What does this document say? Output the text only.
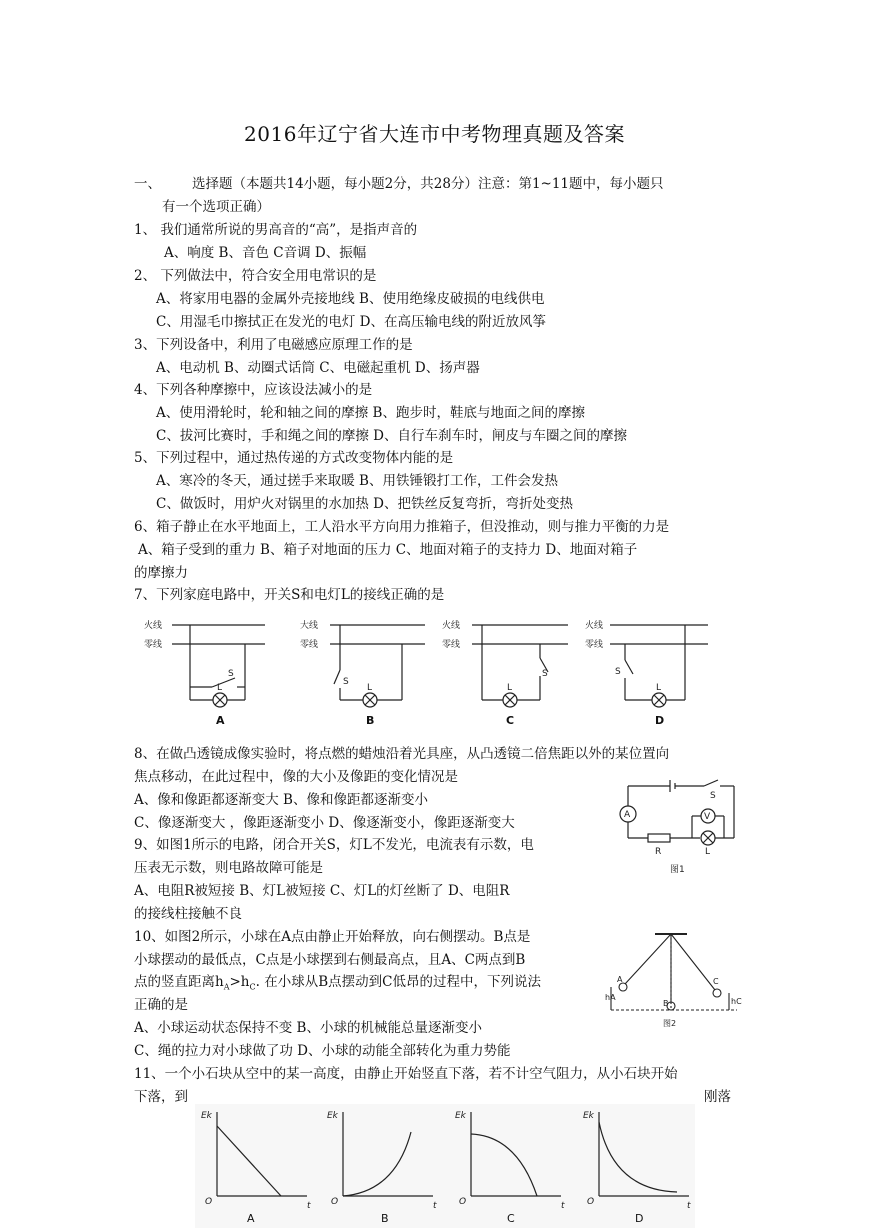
2016年辽宁省大连市中考物理真题及答案
一、 选择题（本题共14小题，每小题2分，共28分）注意：第1~11题中，每小题只
有一个选项正确）
1、 我们通常所说的男高音的“高”，是指声音的
A、响度 B、音色 C音调 D、振幅
2、 下列做法中，符合安全用电常识的是
A、将家用电器的金属外壳接地线 B、使用绝缘皮破损的电线供电
C、用湿毛巾擦拭正在发光的电灯 D、在高压输电线的附近放风筝
3、下列设备中，利用了电磁感应原理工作的是
A、电动机 B、动圈式话筒 C、电磁起重机 D、扬声器
4、下列各种摩擦中，应该设法减小的是
A、使用滑轮时，轮和轴之间的摩擦 B、跑步时，鞋底与地面之间的摩擦
C、拔河比赛时，手和绳之间的摩擦 D、自行车刹车时，闸皮与车圈之间的摩擦
5、下列过程中，通过热传递的方式改变物体内能的是
A、寒冷的冬天，通过搓手来取暖 B、用铁锤锻打工作，工件会发热
C、做饭时，用炉火对锅里的水加热 D、把铁丝反复弯折，弯折处变热
6、箱子静止在水平地面上，工人沿水平方向用力推箱子，但没推动，则与推力平衡的力是
A、箱子受到的重力 B、箱子对地面的压力 C、地面对箱子的支持力 D、地面对箱子
的摩擦力
7、下列家庭电路中，开关S和电灯L的接线正确的是
火线
零线
S
L
大线
零线
S
L
火线
零线
S
L
火线
零线
S
L
A	B	C	D
8、在做凸透镜成像实验时，将点燃的蜡烛沿着光具座，从凸透镜二倍焦距以外的某位置向
焦点移动，在此过程中，像的大小及像距的变化情况是
A、像和像距都逐渐变大 B、像和像距都逐渐变小
C、像逐渐变大 ，像距逐渐变小 D、像逐渐变小，像距逐渐变大	A	V
S
R	L
图1
9、如图1所示的电路，闭合开关S，灯L不发光，电流表有示数，电
压表无示数，则电路故障可能是
A、电阻R被短接 B、灯L被短接 C、灯L的灯丝断了 D、电阻R
的接线柱接触不良
10、如图2所示，小球在A点由静止开始释放，向右侧摆动。B点是
小球摆动的最低点，C点是小球摆到右侧最高点，且A、C两点到B
点的竖直距离$h_A>h_C$. 在小球从B点摆动到C低昂的过程中，下列说法
正确的是
A、小球运动状态保持不变 B、小球的机械能总量逐渐变小
C、绳的拉力对小球做了功 D、小球的动能全部转化为重力势能
A
B
C
hA	hC
图2
11、一个小石块从空中的某一高度，由静止开始竖直下落，若不计空气阻力，从小石块开始
下落，到	刚落
Ek
O	t
Ek
O	t
Ek
O	t
Ek
O	t
A	B	C	D
